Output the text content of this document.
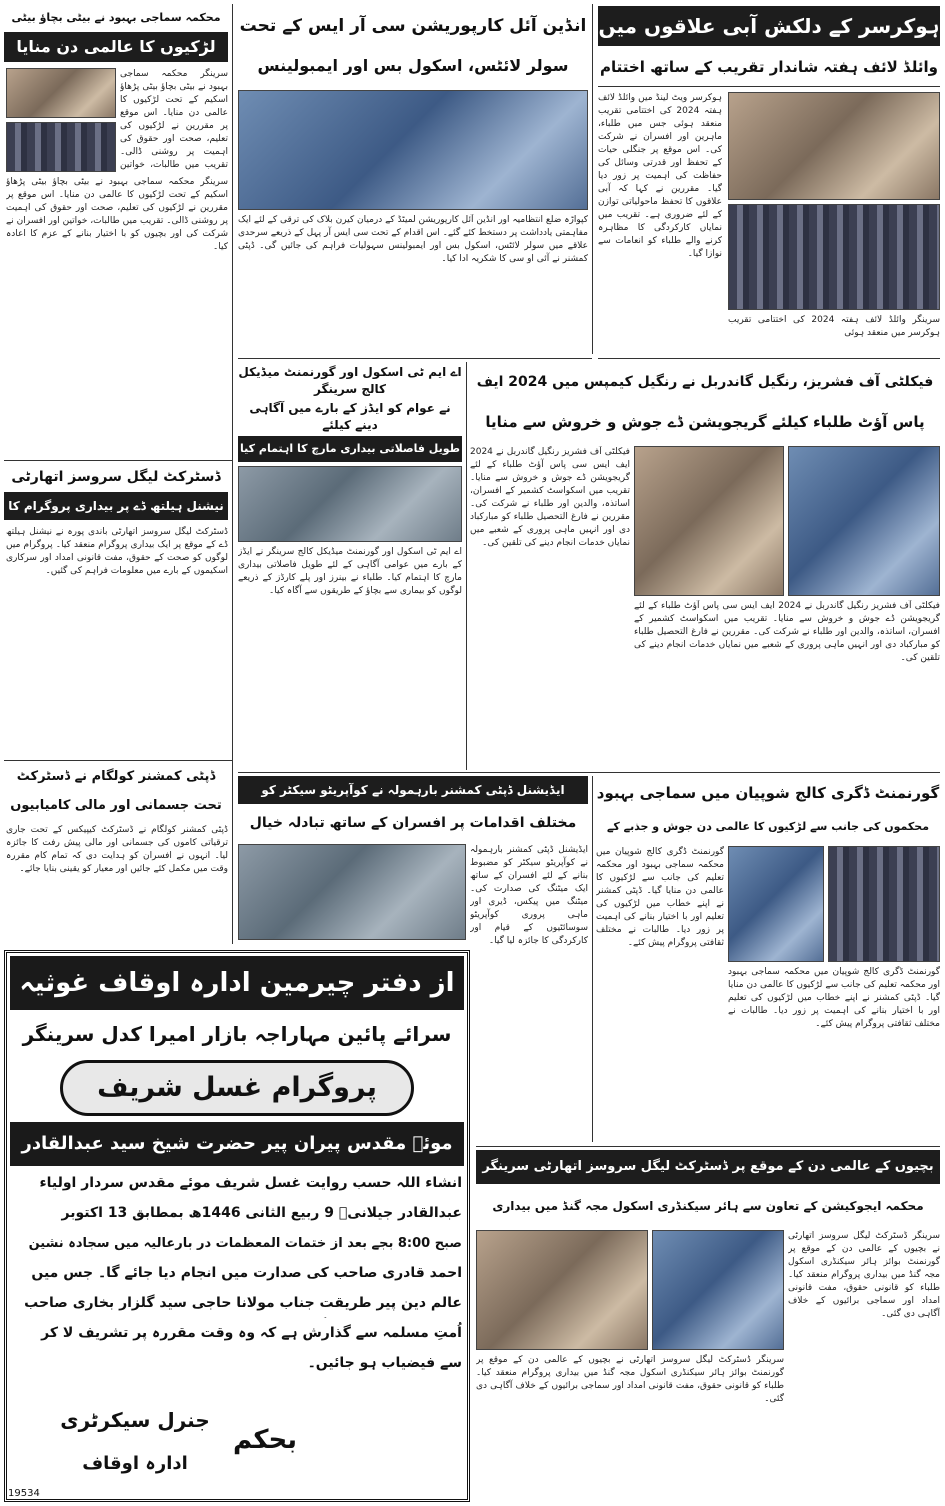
ہوکرسر کے دلکش آبی علاقوں میں
وائلڈ لائف ہفتہ شاندار تقریب کے ساتھ اختتام
سرینگر وائلڈ لائف ہفتہ 2024 کی اختتامی تقریب ہوکرسر میں منعقد ہوئی
ہوکرسر ویٹ لینڈ میں وائلڈ لائف ہفتہ 2024 کی اختتامی تقریب منعقد ہوئی جس میں طلباء، ماہرین اور افسران نے شرکت کی۔ اس موقع پر جنگلی حیات کے تحفظ اور قدرتی وسائل کی حفاظت کی اہمیت پر زور دیا گیا۔ مقررین نے کہا کہ آبی علاقوں کا تحفظ ماحولیاتی توازن کے لئے ضروری ہے۔ تقریب میں نمایاں کارکردگی کا مظاہرہ کرنے والے طلباء کو انعامات سے نوازا گیا۔
انڈین آئل کارپوریشن سی آر ایس کے تحت
سولر لائٹس، اسکول بس اور ایمبولینس
کپواڑہ ضلع انتظامیہ اور انڈین آئل کارپوریشن لمیٹڈ کے درمیان کیرن بلاک کی ترقی کے لئے ایک مفاہمتی یادداشت پر دستخط کئے گئے۔ اس اقدام کے تحت سی ایس آر پہل کے ذریعے سرحدی علاقے میں سولر لائٹس، اسکول بس اور ایمبولینس سہولیات فراہم کی جائیں گی۔ ڈپٹی کمشنر نے آئی او سی کا شکریہ ادا کیا۔
محکمہ سماجی بہبود نے بیٹی بچاؤ بیٹی
لڑکیوں کا عالمی دن منایا
سرینگر محکمہ سماجی بہبود نے بیٹی بچاؤ بیٹی پڑھاؤ اسکیم کے تحت لڑکیوں کا عالمی دن منایا۔ اس موقع پر مقررین نے لڑکیوں کی تعلیم، صحت اور حقوق کی اہمیت پر روشنی ڈالی۔ تقریب میں طالبات، خواتین
سرینگر محکمہ سماجی بہبود نے بیٹی بچاؤ بیٹی پڑھاؤ اسکیم کے تحت لڑکیوں کا عالمی دن منایا۔ اس موقع پر مقررین نے لڑکیوں کی تعلیم، صحت اور حقوق کی اہمیت پر روشنی ڈالی۔ تقریب میں طالبات، خواتین اور افسران نے شرکت کی اور بچیوں کو با اختیار بنانے کے عزم کا اعادہ کیا۔
ڈسٹرکٹ لیگل سروسز اتھارٹی
نیشنل ہیلتھ ڈے پر بیداری پروگرام کا
ڈسٹرکٹ لیگل سروسز اتھارٹی باندی پورہ نے نیشنل ہیلتھ ڈے کے موقع پر ایک بیداری پروگرام منعقد کیا۔ پروگرام میں لوگوں کو صحت کے حقوق، مفت قانونی امداد اور سرکاری اسکیموں کے بارے میں معلومات فراہم کی گئیں۔
ڈپٹی کمشنر کولگام نے ڈسٹرکٹ
تحت جسمانی اور مالی کامیابیوں
ڈپٹی کمشنر کولگام نے ڈسٹرکٹ کیپیکس کے تحت جاری ترقیاتی کاموں کی جسمانی اور مالی پیش رفت کا جائزہ لیا۔ انہوں نے افسران کو ہدایت دی کہ تمام کام مقررہ وقت میں مکمل کئے جائیں اور معیار کو یقینی بنایا جائے۔
اے ایم ٹی اسکول اور گورنمنٹ میڈیکل کالج سرینگر
نے عوام کو ایڈز کے بارے میں آگاہی دینے کیلئے
طویل فاصلاتی بیداری مارچ کا اہتمام کیا
اے ایم ٹی اسکول اور گورنمنٹ میڈیکل کالج سرینگر نے ایڈز کے بارے میں عوامی آگاہی کے لئے طویل فاصلاتی بیداری مارچ کا اہتمام کیا۔ طلباء نے بینرز اور پلے کارڈز کے ذریعے لوگوں کو بیماری سے بچاؤ کے طریقوں سے آگاہ کیا۔
فیکلٹی آف فشریز، رنگیل گاندربل نے رنگیل کیمپس میں 2024 ایف
پاس آؤٹ طلباء کیلئے گریجویشن ڈے جوش و خروش سے منایا
فیکلٹی آف فشریز رنگیل گاندربل نے 2024 ایف ایس سی پاس آؤٹ طلباء کے لئے گریجویشن ڈے جوش و خروش سے منایا۔ تقریب میں اسکواسٹ کشمیر کے افسران، اساتذہ، والدین اور طلباء نے شرکت کی۔ مقررین نے فارغ التحصیل طلباء کو مبارکباد دی اور انہیں ماہی پروری کے شعبے میں نمایاں خدمات انجام دینے کی تلقین کی۔
فیکلٹی آف فشریز رنگیل گاندربل نے 2024 ایف ایس سی پاس آؤٹ طلباء کے لئے گریجویشن ڈے جوش و خروش سے منایا۔ تقریب میں اسکواسٹ کشمیر کے افسران، اساتذہ، والدین اور طلباء نے شرکت کی۔ مقررین نے فارغ التحصیل طلباء کو مبارکباد دی اور انہیں ماہی پروری کے شعبے میں نمایاں خدمات انجام دینے کی تلقین کی۔
ایڈیشنل ڈپٹی کمشنر بارہمولہ نے کوآپریٹو سیکٹر کو
مختلف اقدامات پر افسران کے ساتھ تبادلہ خیال
ایڈیشنل ڈپٹی کمشنر بارہمولہ نے کوآپریٹو سیکٹر کو مضبوط بنانے کے لئے افسران کے ساتھ ایک میٹنگ کی صدارت کی۔ میٹنگ میں پیکس، ڈیری اور ماہی پروری کوآپریٹو سوسائٹیوں کے قیام اور کارکردگی کا جائزہ لیا گیا۔
گورنمنٹ ڈگری کالج شوپیان میں سماجی بہبود
محکموں کی جانب سے لڑکیوں کا عالمی دن جوش و جذبے کے
گورنمنٹ ڈگری کالج شوپیان میں محکمہ سماجی بہبود اور محکمہ تعلیم کی جانب سے لڑکیوں کا عالمی دن منایا گیا۔ ڈپٹی کمشنر نے اپنے خطاب میں لڑکیوں کی تعلیم اور با اختیار بنانے کی اہمیت پر زور دیا۔ طالبات نے مختلف ثقافتی پروگرام پیش کئے۔
گورنمنٹ ڈگری کالج شوپیان میں محکمہ سماجی بہبود اور محکمہ تعلیم کی جانب سے لڑکیوں کا عالمی دن منایا گیا۔ ڈپٹی کمشنر نے اپنے خطاب میں لڑکیوں کی تعلیم اور با اختیار بنانے کی اہمیت پر زور دیا۔ طالبات نے مختلف ثقافتی پروگرام پیش کئے۔
از دفتر چیرمین ادارہ اوقاف غوثیہ
سرائے پائین مہاراجہ بازار امیرا کدل سرینگر
پروگرام غسل شریف
موئے مقدس پیران پیر حضرت شیخ سید عبدالقادر
انشاء اللہ حسب روایت غسل شریف موئے مقدس سردار اولیاء
عبدالقادر جیلانیؓ 9 ربیع الثانی 1446ھ بمطابق 13 اکتوبر
صبح 8:00 بجے بعد از ختمات المعظمات در بارعالیہ میں سجادہ نشین
احمد قادری صاحب کی صدارت میں انجام دیا جائے گا۔ جس میں
عالم دین پیر طریقت جناب مولانا حاجی سید گلزار بخاری صاحب
اُمتِ مسلمہ سے گذارش ہے کہ وہ وقت مقررہ پر تشریف لا کر
سے فیضیاب ہو جائیں۔
بحکم
جنرل سیکرٹری
ادارہ اوقاف
19534
بچیوں کے عالمی دن کے موقع پر ڈسٹرکٹ لیگل سروسز اتھارٹی سرینگر
محکمہ ایجوکیشن کے تعاون سے ہائر سیکنڈری اسکول مجہ گنڈ میں بیداری
سرینگر ڈسٹرکٹ لیگل سروسز اتھارٹی نے بچیوں کے عالمی دن کے موقع پر گورنمنٹ بوائز ہائر سیکنڈری اسکول مجہ گنڈ میں بیداری پروگرام منعقد کیا۔ طلباء کو قانونی حقوق، مفت قانونی امداد اور سماجی برائیوں کے خلاف آگاہی دی گئی۔
سرینگر ڈسٹرکٹ لیگل سروسز اتھارٹی نے بچیوں کے عالمی دن کے موقع پر گورنمنٹ بوائز ہائر سیکنڈری اسکول مجہ گنڈ میں بیداری پروگرام منعقد کیا۔ طلباء کو قانونی حقوق، مفت قانونی امداد اور سماجی برائیوں کے خلاف آگاہی دی گئی۔
